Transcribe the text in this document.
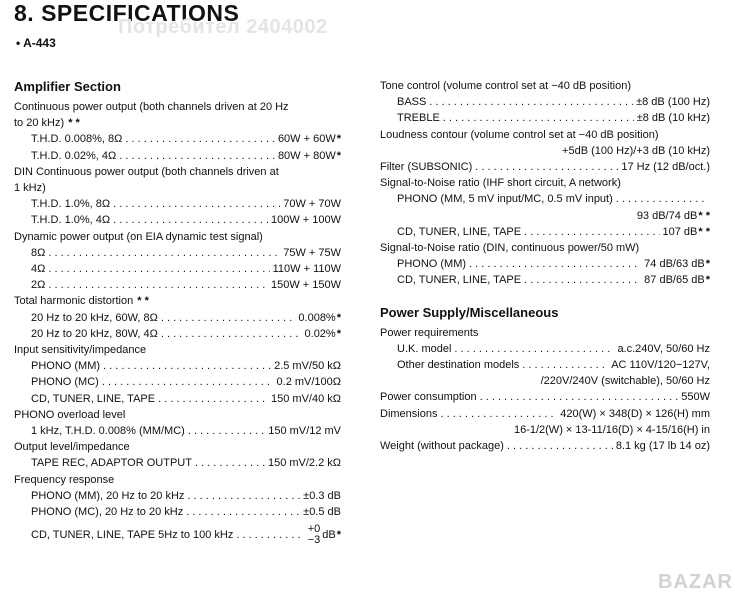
8. SPECIFICATIONS
Потребител 2404002
• A-443
Amplifier Section
Continuous power output (both channels driven at 20 Hz
to 20 kHz) * *
T.H.D. 0.008%, 8Ω . . .	60W + 60W *
T.H.D. 0.02%, 4Ω . . .	80W + 80W *
DIN Continuous power output (both channels driven at
1 kHz)
T.H.D. 1.0%, 8Ω . . .	70W + 70W
T.H.D. 1.0%, 4Ω . . .	100W + 100W
Dynamic power output (on EIA dynamic test signal)
8Ω . . .	75W + 75W
4Ω . . .	110W + 110W
2Ω . . .	150W + 150W
Total harmonic distortion * *
20 Hz to 20 kHz, 60W, 8Ω . . .	0.008% *
20 Hz to 20 kHz, 80W, 4Ω . . .	0.02% *
Input sensitivity/impedance
PHONO (MM) . . .	2.5 mV/50 kΩ
PHONO (MC) . . .	0.2 mV/100Ω
CD, TUNER, LINE, TAPE . . .	150 mV/40 kΩ
PHONO overload level
1 kHz, T.H.D. 0.008% (MM/MC) . . .	150 mV/12 mV
Output level/impedance
TAPE REC, ADAPTOR OUTPUT . . .	150 mV/2.2 kΩ
Frequency response
PHONO (MM), 20 Hz to 20 kHz . . .	±0.3 dB
PHONO (MC), 20 Hz to 20 kHz . . .	±0.5 dB
CD, TUNER, LINE, TAPE 5Hz to 100 kHz . . .	+0
−3 dB *
Tone control (volume control set at −40 dB position)
BASS . . .	±8 dB (100 Hz)
TREBLE . . .	±8 dB (10 kHz)
Loudness contour (volume control set at −40 dB position)
+5dB (100 Hz)/+3 dB (10 kHz)
Filter (SUBSONIC) . . .	17 Hz (12 dB/oct.)
Signal-to-Noise ratio (IHF short circuit, A network)
PHONO (MM, 5 mV input/MC, 0.5 mV input)
. . .
93 dB/74 dB* *
CD, TUNER, LINE, TAPE . . .	107 dB * *
Signal-to-Noise ratio (DIN, continuous power/50 mW)
PHONO (MM) . . .	74 dB/63 dB *
CD, TUNER, LINE, TAPE . . .	87 dB/65 dB *
Power Supply/Miscellaneous
Power requirements
U.K. model . . .	a.c.240V, 50/60 Hz
Other destination models . . .	AC 110V/120−127V,
/220V/240V (switchable), 50/60 Hz
Power consumption . . .	550W
Dimensions . . .	420(W) × 348(D) × 126(H) mm
16-1/2(W) × 13-11/16(D) × 4-15/16(H) in
Weight (without package) . . .	8.1 kg (17 lb 14 oz)
BAZAR
